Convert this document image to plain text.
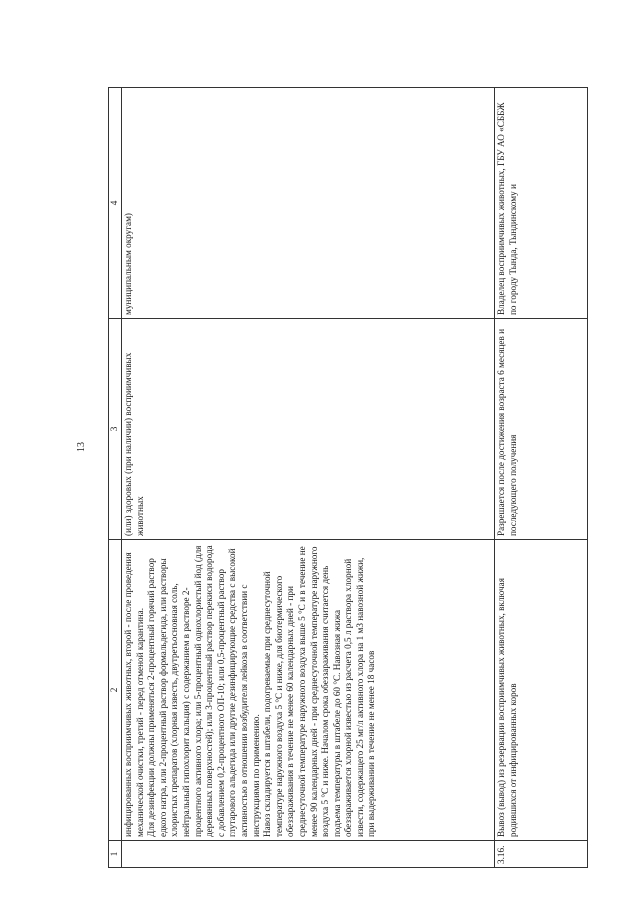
13
1	2	3	4

	инфицированных восприимчивых животных, второй - после проведения механической очистки, третий - перед отменой карантина. Для дезинфекции должны применяться 2-процентный горячий раствор едкого натра, или 2-процентный раствор формальдегида, или растворы хлористых препаратов (хлорная известь, двутретьосновная соль, нейтральный гипохлорит кальция) с содержанием в растворе 2-процентного активного хлора; или 5-процентный однохлористый йод (для деревянных поверхностей); или 3-процентный раствор перекиси водорода с добавлением 0,2-процентного ОП-10; или 0,5-процентный раствор глутарового альдегида или другие дезинфицирующие средства с высокой активностью в отношении возбудителя лейкоза в соответствии с инструкциями по применению. Навоз складируется в штабели, подогреваемые при среднесуточной температуре наружного воздуха 5 °С и ниже, для биотермического обеззараживания в течение не менее 60 календарных дней - при среднесуточной температуре наружного воздуха выше 5 °С и в течение не менее 90 календарных дней - при среднесуточной температуре наружного воздуха 5 °С и ниже. Началом срока обеззараживания считается день подъема температуры в штабеле до 60 °С. Навозная жижа обеззараживается хлорной известью из расчета 0,5 л раствора хлорной извести, содержащего 25 мг/л активного хлора на 1 м3 навозной жижи, при выдерживании в течение не менее 18 часов	(или) здоровых (при наличии) восприимчивых животных	муниципальным округам)
3.16.	Вывоз (вывод) из резервации восприимчивых животных, включая родившихся от инфицированных коров	Разрешается после достижения возраста 6 месяцев и последующего получения	Владелец восприимчивых животных, ГБУ АО «СББЖ по городу Тында, Тындинскому и
